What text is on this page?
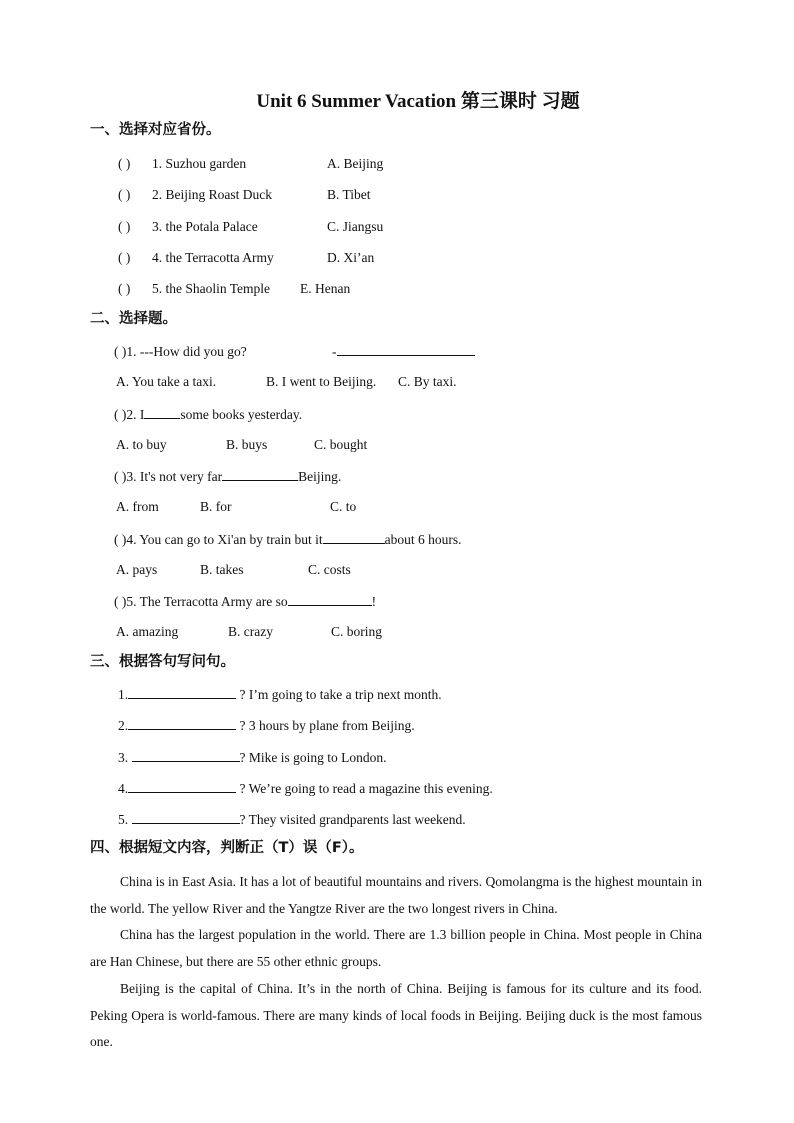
Unit 6 Summer Vacation 第三课时 习题
一、选择对应省份。
( ) 1. Suzhou garden	A. Beijing
( ) 2. Beijing Roast Duck	B. Tibet
( ) 3. the Potala Palace	C. Jiangsu
( ) 4. the Terracotta Army	D. Xi’an
( ) 5. the Shaolin Temple E. Henan
二、选择题。
( )1. ---How did you go?	-
A. You take a taxi.	B. I went to Beijing. C. By taxi.
( )2. I	some books yesterday.
A. to buy	B. buys	C. bought
( )3. It's not very far	Beijing.
A. from	B. for	C. to
( )4. You can go to Xi'an by train but it	about 6 hours.
A. pays	B. takes	C. costs
( )5. The Terracotta Army are so	!
A. amazing	B. crazy	C. boring
三、根据答句写问句。
1.	? I’m going to take a trip next month.
2.	? 3 hours by plane from Beijing.
3.	? Mike is going to London.
4.	? We’re going to read a magazine this evening.
5.	? They visited grandparents last weekend.
四、根据短文内容，判断正（T）误（F）。
China is in East Asia. It has a lot of beautiful mountains and rivers. Qomolangma is the highest mountain in the world. The yellow River and the Yangtze River are the two longest rivers in China.
China has the largest population in the world. There are 1.3 billion people in China. Most people in China are Han Chinese, but there are 55 other ethnic groups.
Beijing is the capital of China. It’s in the north of China. Beijing is famous for its culture and its food. Peking Opera is world-famous. There are many kinds of local foods in Beijing. Beijing duck is the most famous one.
